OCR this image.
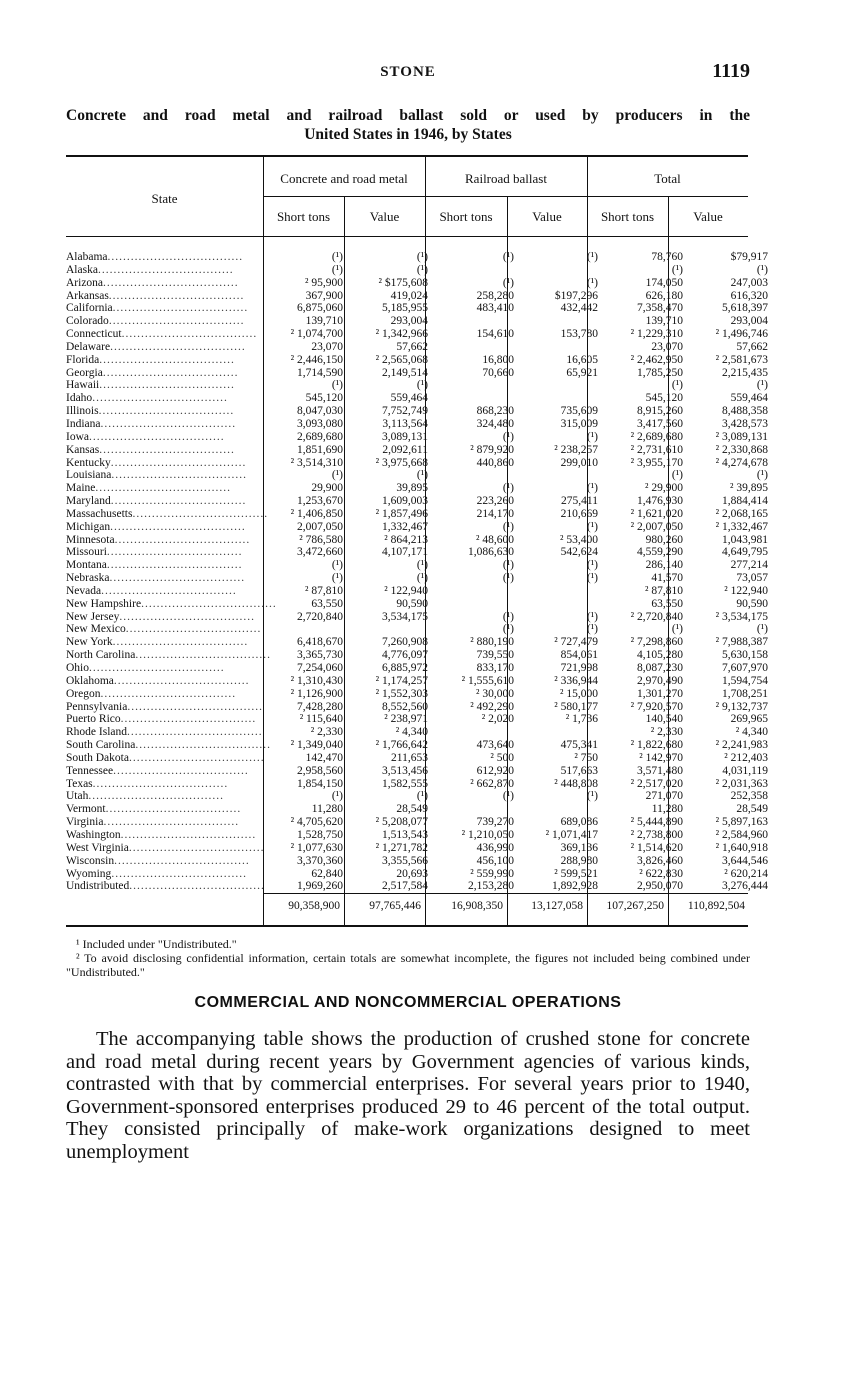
STONE	1119
Concrete and road metal and railroad ballast sold or used by producers in the
United States in 1946, by States
State
Concrete and road metal	Railroad ballast	Total
Short tons	Value	Short tons	Value	Short tons	Value
Alabama...................................	(¹)	(¹)	(¹)	(¹)	78,760	$79,917
Alaska...................................	(¹)	(¹)			(¹)	(¹)
Arizona...................................	² 95,900	² $175,608	(¹)	(¹)	174,050	247,003
Arkansas...................................	367,900	419,024	258,280	$197,296	626,180	616,320
California...................................	6,875,060	5,185,955	483,410	432,442	7,358,470	5,618,397
Colorado...................................	139,710	293,004			139,710	293,004
Connecticut...................................	² 1,074,700	² 1,342,966	154,610	153,780	² 1,229,310	² 1,496,746
Delaware...................................	23,070	57,662			23,070	57,662
Florida...................................	² 2,446,150	² 2,565,068	16,800	16,605	² 2,462,950	² 2,581,673
Georgia...................................	1,714,590	2,149,514	70,660	65,921	1,785,250	2,215,435
Hawaii...................................	(¹)	(¹)			(¹)	(¹)
Idaho...................................	545,120	559,464			545,120	559,464
Illinois...................................	8,047,030	7,752,749	868,230	735,609	8,915,260	8,488,358
Indiana...................................	3,093,080	3,113,564	324,480	315,009	3,417,560	3,428,573
Iowa...................................	2,689,680	3,089,131	(¹)	(¹)	² 2,689,680	² 3,089,131
Kansas...................................	1,851,690	2,092,611	² 879,920	² 238,257	² 2,731,610	² 2,330,868
Kentucky...................................	² 3,514,310	² 3,975,668	440,860	299,010	² 3,955,170	² 4,274,678
Louisiana...................................	(¹)	(¹)			(¹)	(¹)
Maine...................................	29,900	39,895	(¹)	(¹)	² 29,900	² 39,895
Maryland...................................	1,253,670	1,609,003	223,260	275,411	1,476,930	1,884,414
Massachusetts...................................	² 1,406,850	² 1,857,496	214,170	210,669	² 1,621,020	² 2,068,165
Michigan...................................	2,007,050	1,332,467	(¹)	(¹)	² 2,007,050	² 1,332,467
Minnesota...................................	² 786,580	² 864,213	² 48,600	² 53,400	980,260	1,043,981
Missouri...................................	3,472,660	4,107,171	1,086,630	542,624	4,559,290	4,649,795
Montana...................................	(¹)	(¹)	(¹)	(¹)	286,140	277,214
Nebraska...................................	(¹)	(¹)	(¹)	(¹)	41,570	73,057
Nevada...................................	² 87,810	² 122,940			² 87,810	² 122,940
New Hampshire...................................	63,550	90,590			63,550	90,590
New Jersey...................................	2,720,840	3,534,175	(¹)	(¹)	² 2,720,840	² 3,534,175
New Mexico...................................			(¹)	(¹)	(¹)	(¹)
New York...................................	6,418,670	7,260,908	² 880,190	² 727,479	² 7,298,860	² 7,988,387
North Carolina...................................	3,365,730	4,776,097	739,550	854,061	4,105,280	5,630,158
Ohio...................................	7,254,060	6,885,972	833,170	721,998	8,087,230	7,607,970
Oklahoma...................................	² 1,310,430	² 1,174,257	² 1,555,610	² 336,944	2,970,490	1,594,754
Oregon...................................	² 1,126,900	² 1,552,303	² 30,000	² 15,000	1,301,270	1,708,251
Pennsylvania...................................	7,428,280	8,552,560	² 492,290	² 580,177	² 7,920,570	² 9,132,737
Puerto Rico...................................	² 115,640	² 238,971	² 2,020	² 1,736	140,540	269,965
Rhode Island...................................	² 2,330	² 4,340			² 2,330	² 4,340
South Carolina...................................	² 1,349,040	² 1,766,642	473,640	475,341	² 1,822,680	² 2,241,983
South Dakota...................................	142,470	211,653	² 500	² 750	² 142,970	² 212,403
Tennessee...................................	2,958,560	3,513,456	612,920	517,663	3,571,480	4,031,119
Texas...................................	1,854,150	1,582,555	² 662,870	² 448,808	² 2,517,020	² 2,031,363
Utah...................................	(¹)	(¹)	(¹)	(¹)	271,070	252,358
Vermont...................................	11,280	28,549			11,280	28,549
Virginia...................................	² 4,705,620	² 5,208,077	739,270	689,086	² 5,444,890	² 5,897,163
Washington...................................	1,528,750	1,513,543	² 1,210,050	² 1,071,417	² 2,738,800	² 2,584,960
West Virginia...................................	² 1,077,630	² 1,271,782	436,990	369,136	² 1,514,620	² 1,640,918
Wisconsin...................................	3,370,360	3,355,566	456,100	288,980	3,826,460	3,644,546
Wyoming...................................	62,840	20,693	² 559,990	² 599,521	² 622,830	² 620,214
Undistributed...................................	1,969,260	2,517,584	2,153,280	1,892,928	2,950,070	3,276,444
90,358,900	97,765,446	16,908,350	13,127,058	107,267,250	110,892,504

¹ Included under "Undistributed."

² To avoid disclosing confidential information, certain totals are somewhat incomplete, the figures not included being combined under "Undistributed."

COMMERCIAL AND NONCOMMERCIAL OPERATIONS

The accompanying table shows the production of crushed stone for concrete and road metal during recent years by Government agencies of various kinds, contrasted with that by commercial enterprises. For several years prior to 1940, Government-sponsored enterprises produced 29 to 46 percent of the total output. They consisted principally of make-work organizations designed to meet unemployment
